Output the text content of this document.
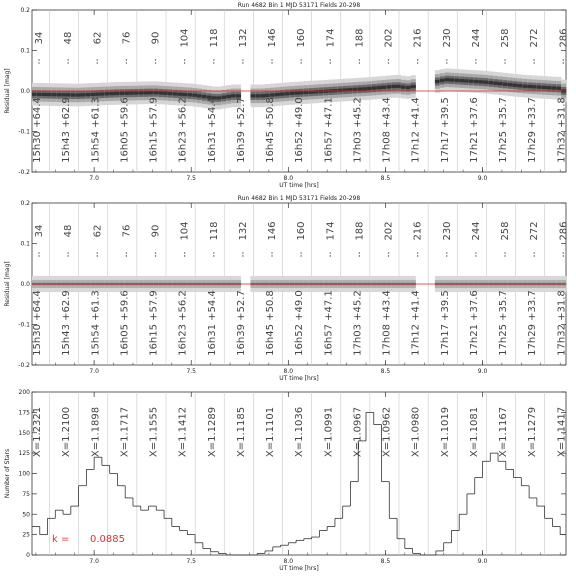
7.0	7.5	8.0	8.5	9.0
-0.2
-0.1
0.0
0.1
0.2
34 48 62 76 90 104 118 132 146 160 174 188 202 216 230 244 258 272 286
15h30 +64.4 15h43 +62.9 15h54 +61.3 16h05 +59.6 16h15 +57.9 16h23 +56.2 16h31 +54.4 16h39 +52.7 16h45 +50.8 16h52 +49.0 16h57 +47.1 17h03 +45.2 17h08 +43.4 17h12 +41.4 17h17 +39.5 17h21 +37.6 17h25 +35.7 17h29 +33.7 17h32 +31.8
Run 4682 Bin 1 MJD 53171 Fields 20-298
UT time [hrs]
Residual [mag]
7.0	7.5	8.0	8.5	9.0
-0.2
-0.1
0.0
0.1
0.2
34 48 62 76 90 104 118 132 146 160 174 188 202 216 230 244 258 272 286
15h30 +64.4 15h43 +62.9 15h54 +61.3 16h05 +59.6 16h15 +57.9 16h23 +56.2 16h31 +54.4 16h39 +52.7 16h45 +50.8 16h52 +49.0 16h57 +47.1 17h03 +45.2 17h08 +43.4 17h12 +41.4 17h17 +39.5 17h21 +37.6 17h25 +35.7 17h29 +33.7 17h32 +31.8
Run 4682 Bin 1 MJD 53171 Fields 20-298
UT time [hrs]
Residual [mag]
7.0	7.5	8.0	8.5	9.0
0
25
50
75
100
125
150
175
200
X=1.2321 X=1.2100 X=1.1898 X=1.1717 X=1.1555 X=1.1412 X=1.1289 X=1.1185 X=1.1101 X=1.1036 X=1.0991 X=1.0967 X=1.0962 X=1.0980 X=1.1019 X=1.1081 X=1.1167 X=1.1279 X=1.1417
UT time [hrs]
Number of Stars
k = 0.0885
